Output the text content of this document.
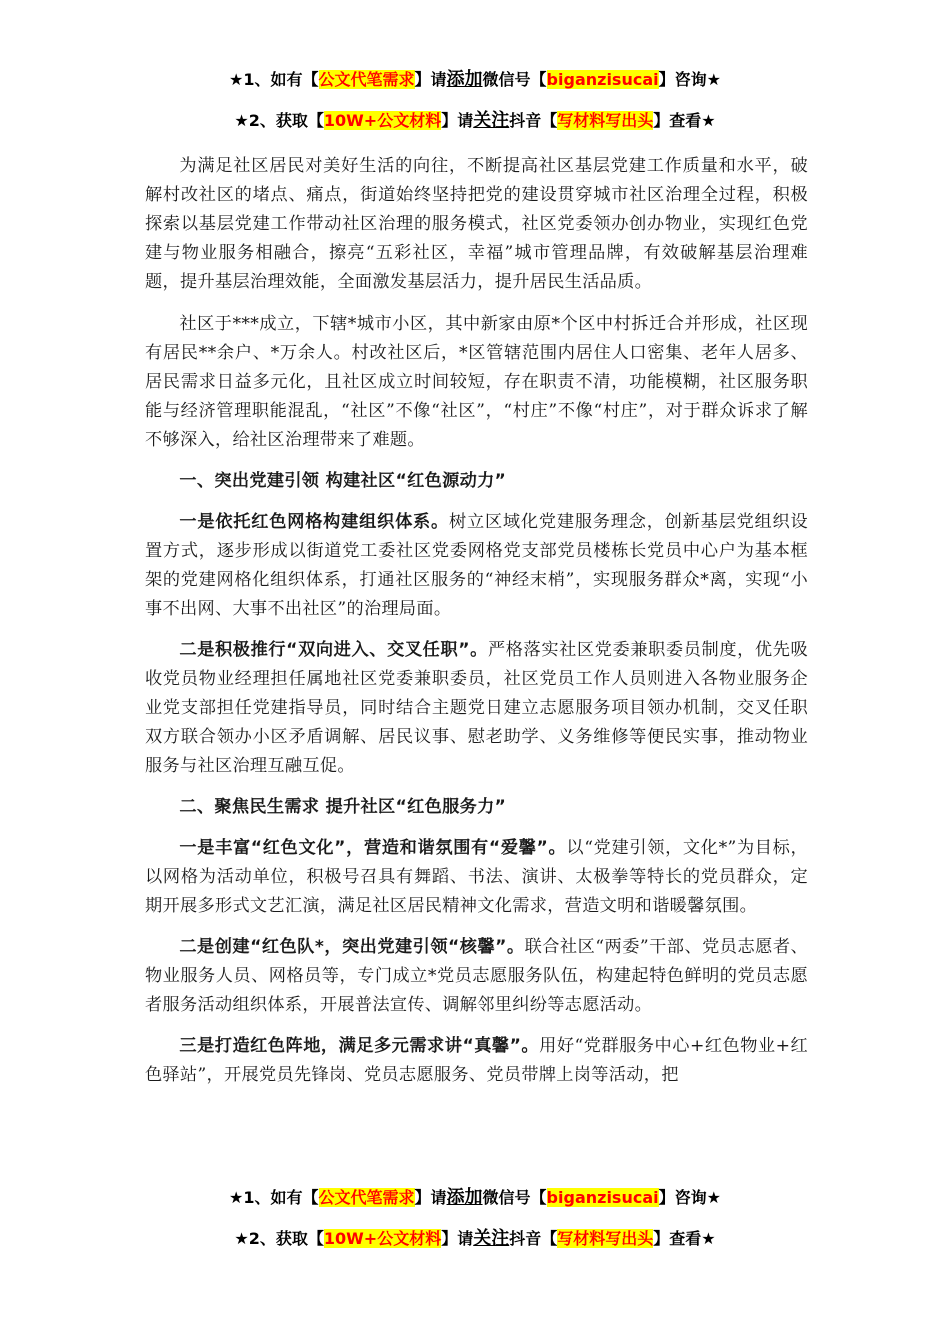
★1、如有【公文代笔需求】请添加微信号【biganzisucai】咨询★
★2、获取【10W+公文材料】请关注抖音【写材料写出头】查看★

为满足社区居民对美好生活的向往，不断提高社区基层党建工作质量和水平，破解村改社区的堵点、痛点，街道始终坚持把党的建设贯穿城市社区治理全过程，积极探索以基层党建工作带动社区治理的服务模式，社区党委领办创办物业，实现红色党建与物业服务相融合，擦亮“五彩社区，幸福”城市管理品牌，有效破解基层治理难题，提升基层治理效能，全面激发基层活力，提升居民生活品质。

社区于***成立，下辖*城市小区，其中新家由原*个区中村拆迁合并形成，社区现有居民**余户、*万余人。村改社区后，*区管辖范围内居住人口密集、老年人居多、居民需求日益多元化，且社区成立时间较短，存在职责不清，功能模糊，社区服务职能与经济管理职能混乱，“社区”不像“社区”，“村庄”不像“村庄”，对于群众诉求了解不够深入，给社区治理带来了难题。

一、突出党建引领 构建社区“红色源动力”

一是依托红色网格构建组织体系。树立区域化党建服务理念，创新基层党组织设置方式，逐步形成以街道党工委社区党委网格党支部党员楼栋长党员中心户为基本框架的党建网格化组织体系，打通社区服务的“神经末梢”，实现服务群众*离，实现“小事不出网、大事不出社区”的治理局面。

二是积极推行“双向进入、交叉任职”。严格落实社区党委兼职委员制度，优先吸收党员物业经理担任属地社区党委兼职委员，社区党员工作人员则进入各物业服务企业党支部担任党建指导员，同时结合主题党日建立志愿服务项目领办机制，交叉任职双方联合领办小区矛盾调解、居民议事、慰老助学、义务维修等便民实事，推动物业服务与社区治理互融互促。

二、聚焦民生需求 提升社区“红色服务力”

一是丰富“红色文化”，营造和谐氛围有“爱馨”。以“党建引领，文化*”为目标，以网格为活动单位，积极号召具有舞蹈、书法、演讲、太极拳等特长的党员群众，定期开展多形式文艺汇演，满足社区居民精神文化需求，营造文明和谐暖馨氛围。

二是创建“红色队*，突出党建引领“核馨”。联合社区“两委”干部、党员志愿者、物业服务人员、网格员等，专门成立*党员志愿服务队伍，构建起特色鲜明的党员志愿者服务活动组织体系，开展普法宣传、调解邻里纠纷等志愿活动。

三是打造红色阵地，满足多元需求讲“真馨”。用好“党群服务中心+红色物业+红色驿站”，开展党员先锋岗、党员志愿服务、党员带牌上岗等活动，把

★1、如有【公文代笔需求】请添加微信号【biganzisucai】咨询★
★2、获取【10W+公文材料】请关注抖音【写材料写出头】查看★
